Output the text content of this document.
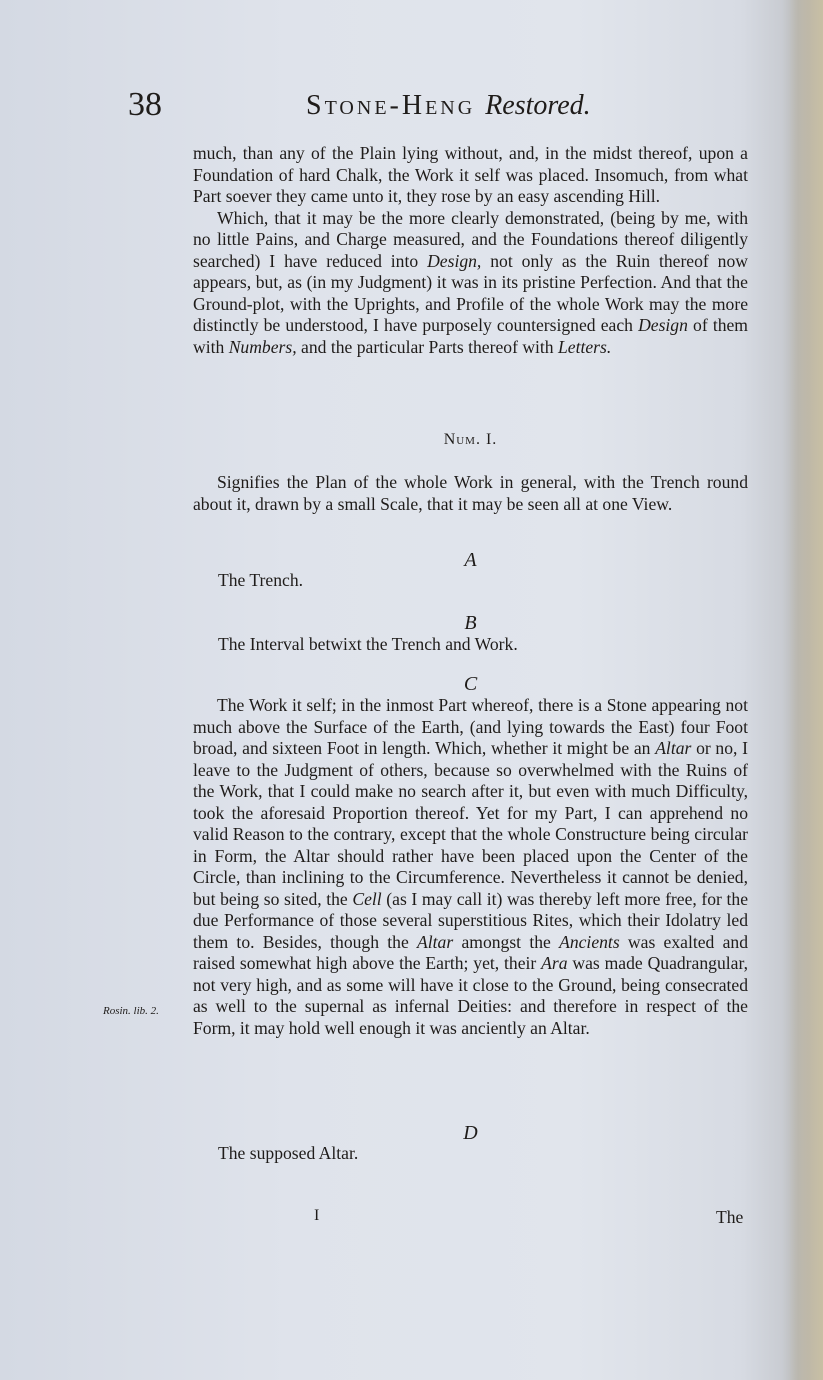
38	Stone-Heng Restored.

much, than any of the Plain lying without, and, in the midst thereof, upon a Foundation of hard Chalk, the Work it self was placed. Insomuch, from what Part soever they came unto it, they rose by an easy ascending Hill.

Which, that it may be the more clearly demonstrated, (being by me, with no little Pains, and Charge measured, and the Foundations thereof diligently searched) I have reduced into Design, not only as the Ruin thereof now appears, but, as (in my Judgment) it was in its pristine Perfection. And that the Ground-plot, with the Uprights, and Profile of the whole Work may the more distinctly be understood, I have purposely countersigned each Design of them with Numbers, and the particular Parts thereof with Letters.

Num. I.

Signifies the Plan of the whole Work in general, with the Trench round about it, drawn by a small Scale, that it may be seen all at one View.

A
The Trench.
B
The Interval betwixt the Trench and Work.
C

The Work it self; in the inmost Part whereof, there is a Stone appearing not much above the Surface of the Earth, (and lying towards the East) four Foot broad, and sixteen Foot in length. Which, whether it might be an Altar or no, I leave to the Judgment of others, because so overwhelmed with the Ruins of the Work, that I could make no search after it, but even with much Difficulty, took the aforesaid Proportion thereof. Yet for my Part, I can apprehend no valid Reason to the contrary, except that the whole Constructure being circular in Form, the Altar should rather have been placed upon the Center of the Circle, than inclining to the Circumference. Nevertheless it cannot be denied, but being so sited, the Cell (as I may call it) was thereby left more free, for the due Performance of those several superstitious Rites, which their Idolatry led them to. Besides, though the Altar amongst the Ancients was exalted and raised somewhat high above the Earth; yet, their Ara was made Quadrangular, not very high, and as some will have it close to the Ground, being consecrated as well to the supernal as infernal Deities: and therefore in respect of the Form, it may hold well enough it was anciently an Altar.

Rosin. lib. 2.
D
The supposed Altar.
I	The
